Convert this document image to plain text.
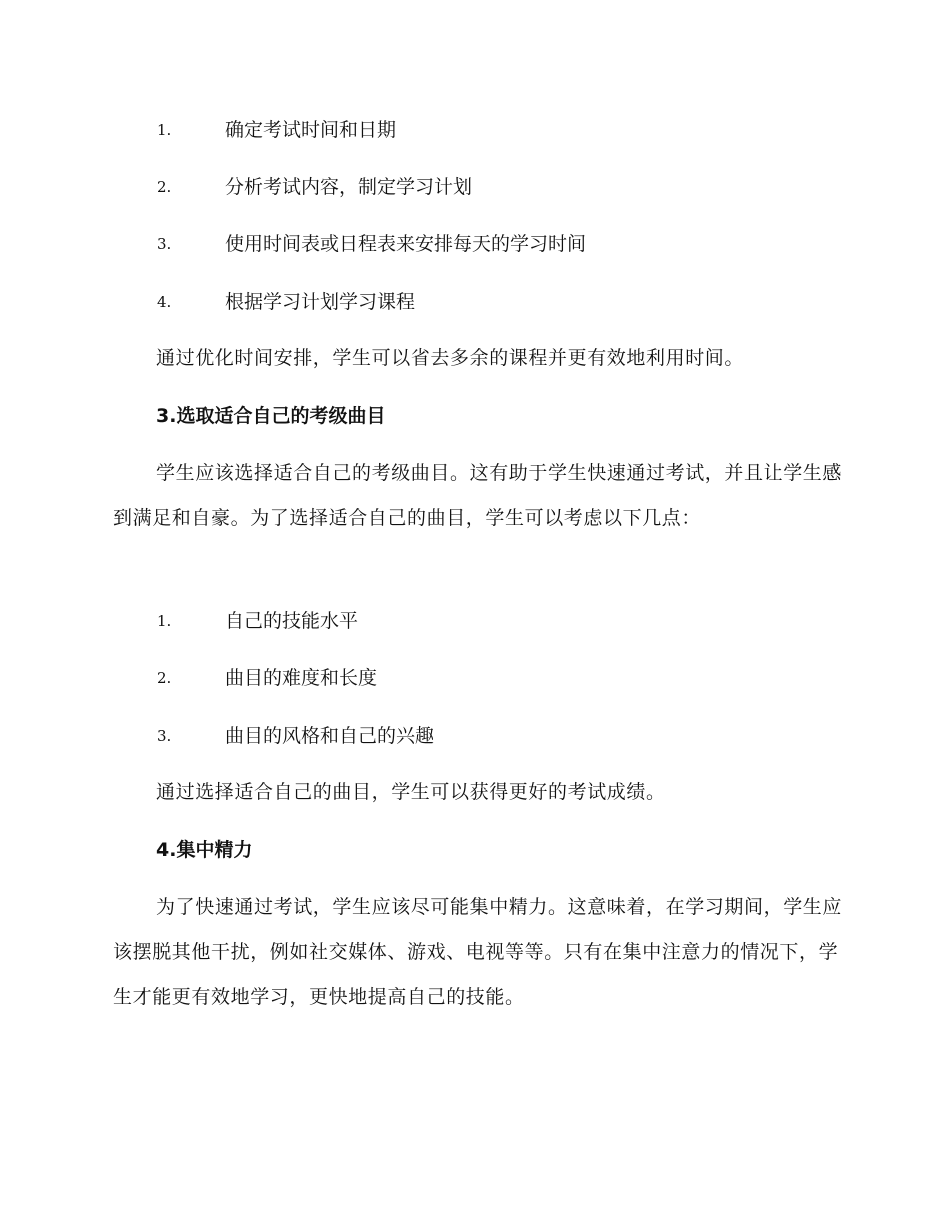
1.	确定考试时间和日期
2.	分析考试内容，制定学习计划
3.	使用时间表或日程表来安排每天的学习时间
4.	根据学习计划学习课程

通过优化时间安排，学生可以省去多余的课程并更有效地利用时间。

3.选取适合自己的考级曲目

学生应该选择适合自己的考级曲目。这有助于学生快速通过考试，并且让学生感到满足和自豪。为了选择适合自己的曲目，学生可以考虑以下几点：

1.	自己的技能水平
2.	曲目的难度和长度
3.	曲目的风格和自己的兴趣

通过选择适合自己的曲目，学生可以获得更好的考试成绩。

4.集中精力

为了快速通过考试，学生应该尽可能集中精力。这意味着，在学习期间，学生应该摆脱其他干扰，例如社交媒体、游戏、电视等等。只有在集中注意力的情况下，学生才能更有效地学习，更快地提高自己的技能。
